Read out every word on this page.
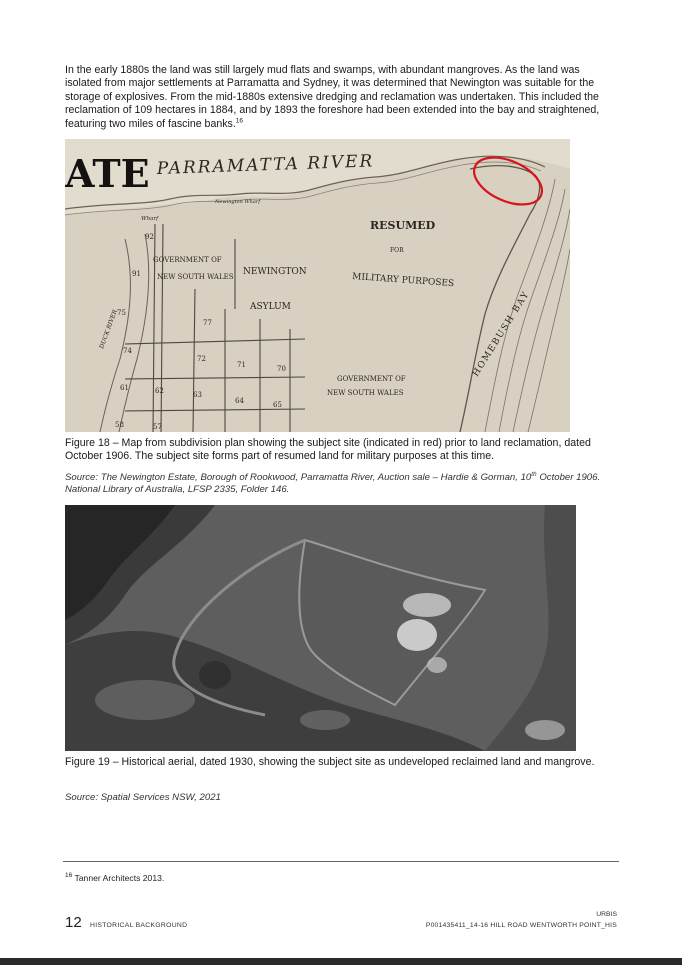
In the early 1880s the land was still largely mud flats and swamps, with abundant mangroves. As the land was isolated from major settlements at Parramatta and Sydney, it was determined that Newington was suitable for the storage of explosives. From the mid-1880s extensive dredging and reclamation was undertaken. This included the reclamation of 109 hectares in 1884, and by 1893 the foreshore had been extended into the bay and straightened, featuring two miles of fascine banks.$^{16}$

92
91
75
77
74
72
71	70
61	62	63
64	65
58	57
ATE PARRAMATTA RIVER
RESUMED
FOR
MILITARY PURPOSES
GOVERNMENT OF
NEW SOUTH WALES NEWINGTON
ASYLUM
GOVERNMENT OF
NEW SOUTH WALES
HOMEBUSH BAY
Wharf
Newington Wharf
DUCK RIVER

Figure 18 – Map from subdivision plan showing the subject site (indicated in red) prior to land reclamation, dated October 1906. The subject site forms part of resumed land for military purposes at this time.

Source: The Newington Estate, Borough of Rookwood, Parramatta River, Auction sale – Hardie & Gorman, 10th October 1906. National Library of Australia, LFSP 2335, Folder 146.

Figure 19 – Historical aerial, dated 1930, showing the subject site as undeveloped reclaimed land and mangrove.

Source: Spatial Services NSW, 2021

$^{16}$ Tanner Architects 2013.

12 HISTORICAL BACKGROUND
URBIS
P0014354​11_14-16 HILL ROAD WENTWORTH POINT_HIS
